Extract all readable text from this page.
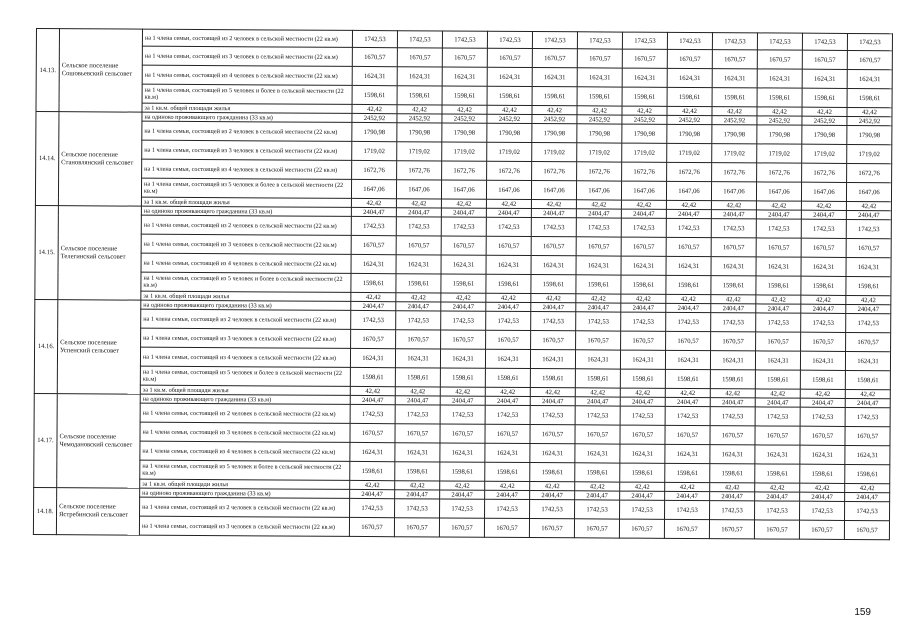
14.13.	Сельское поселение Сошовьевский сельсовет	на 1 члена семьи, состоящей из 2 человек в сельской местности (22 кв.м)	1742,53	1742,53	1742,53	1742,53	1742,53	1742,53	1742,53	1742,53	1742,53	1742,53	1742,53	1742,53
		на 1 члена семьи, состоящей из 3 человек в сельской местности (22 кв.м)	1670,57	1670,57	1670,57	1670,57	1670,57	1670,57	1670,57	1670,57	1670,57	1670,57	1670,57	1670,57
		на 1 члена семьи, состоящей из 4 человек в сельской местности (22 кв.м)	1624,31	1624,31	1624,31	1624,31	1624,31	1624,31	1624,31	1624,31	1624,31	1624,31	1624,31	1624,31
		на 1 члена семьи, состоящей из 5 человек и более в сельской местности (22 кв.м)	1598,61	1598,61	1598,61	1598,61	1598,61	1598,61	1598,61	1598,61	1598,61	1598,61	1598,61	1598,61
		за 1 кв.м. общей площади жилья	42,42	42,42	42,42	42,42	42,42	42,42	42,42	42,42	42,42	42,42	42,42	42,42
14.14.	Сельское поселение Становлянский сельсовет	на одиноко проживающего гражданина (33 кв.м)	2452,92	2452,92	2452,92	2452,92	2452,92	2452,92	2452,92	2452,92	2452,92	2452,92	2452,92	2452,92
		на 1 члена семьи, состоящей из 2 человек в сельской местности (22 кв.м)	1790,98	1790,98	1790,98	1790,98	1790,98	1790,98	1790,98	1790,98	1790,98	1790,98	1790,98	1790,98
		на 1 члена семьи, состоящей из 3 человек в сельской местности (22 кв.м)	1719,02	1719,02	1719,02	1719,02	1719,02	1719,02	1719,02	1719,02	1719,02	1719,02	1719,02	1719,02
		на 1 члена семьи, состоящей из 4 человек в сельской местности (22 кв.м)	1672,76	1672,76	1672,76	1672,76	1672,76	1672,76	1672,76	1672,76	1672,76	1672,76	1672,76	1672,76
		на 1 члена семьи, состоящей из 5 человек и более в сельской местности (22 кв.м)	1647,06	1647,06	1647,06	1647,06	1647,06	1647,06	1647,06	1647,06	1647,06	1647,06	1647,06	1647,06
		за 1 кв.м. общей площади жилья	42,42	42,42	42,42	42,42	42,42	42,42	42,42	42,42	42,42	42,42	42,42	42,42
14.15.	Сельское поселение Телегинский сельсовет	на одиноко проживающего гражданина (33 кв.м)	2404,47	2404,47	2404,47	2404,47	2404,47	2404,47	2404,47	2404,47	2404,47	2404,47	2404,47	2404,47
		на 1 члена семьи, состоящей из 2 человек в сельской местности (22 кв.м)	1742,53	1742,53	1742,53	1742,53	1742,53	1742,53	1742,53	1742,53	1742,53	1742,53	1742,53	1742,53
		на 1 члена семьи, состоящей из 3 человек в сельской местности (22 кв.м)	1670,57	1670,57	1670,57	1670,57	1670,57	1670,57	1670,57	1670,57	1670,57	1670,57	1670,57	1670,57
		на 1 члена семьи, состоящей из 4 человек в сельской местности (22 кв.м)	1624,31	1624,31	1624,31	1624,31	1624,31	1624,31	1624,31	1624,31	1624,31	1624,31	1624,31	1624,31
		на 1 члена семьи, состоящей из 5 человек и более в сельской местности (22 кв.м)	1598,61	1598,61	1598,61	1598,61	1598,61	1598,61	1598,61	1598,61	1598,61	1598,61	1598,61	1598,61
		за 1 кв.м. общей площади жилья	42,42	42,42	42,42	42,42	42,42	42,42	42,42	42,42	42,42	42,42	42,42	42,42
14.16.	Сельское поселение Успенский сельсовет	на одиноко проживающего гражданина (33 кв.м)	2404,47	2404,47	2404,47	2404,47	2404,47	2404,47	2404,47	2404,47	2404,47	2404,47	2404,47	2404,47
		на 1 члена семьи, состоящей из 2 человек в сельской местности (22 кв.м)	1742,53	1742,53	1742,53	1742,53	1742,53	1742,53	1742,53	1742,53	1742,53	1742,53	1742,53	1742,53
		на 1 члена семьи, состоящей из 3 человек в сельской местности (22 кв.м)	1670,57	1670,57	1670,57	1670,57	1670,57	1670,57	1670,57	1670,57	1670,57	1670,57	1670,57	1670,57
		на 1 члена семьи, состоящей из 4 человек в сельской местности (22 кв.м)	1624,31	1624,31	1624,31	1624,31	1624,31	1624,31	1624,31	1624,31	1624,31	1624,31	1624,31	1624,31
		на 1 члена семьи, состоящей из 5 человек и более в сельской местности (22 кв.м)	1598,61	1598,61	1598,61	1598,61	1598,61	1598,61	1598,61	1598,61	1598,61	1598,61	1598,61	1598,61
		за 1 кв.м. общей площади жилья	42,42	42,42	42,42	42,42	42,42	42,42	42,42	42,42	42,42	42,42	42,42	42,42
14.17.	Сельское поселение Чемодановский сельсовет	на одиноко проживающего гражданина (33 кв.м)	2404,47	2404,47	2404,47	2404,47	2404,47	2404,47	2404,47	2404,47	2404,47	2404,47	2404,47	2404,47
		на 1 члена семьи, состоящей из 2 человек в сельской местности (22 кв.м)	1742,53	1742,53	1742,53	1742,53	1742,53	1742,53	1742,53	1742,53	1742,53	1742,53	1742,53	1742,53
		на 1 члена семьи, состоящей из 3 человек в сельской местности (22 кв.м)	1670,57	1670,57	1670,57	1670,57	1670,57	1670,57	1670,57	1670,57	1670,57	1670,57	1670,57	1670,57
		на 1 члена семьи, состоящей из 4 человек в сельской местности (22 кв.м)	1624,31	1624,31	1624,31	1624,31	1624,31	1624,31	1624,31	1624,31	1624,31	1624,31	1624,31	1624,31
		на 1 члена семьи, состоящей из 5 человек и более в сельской местности (22 кв.м)	1598,61	1598,61	1598,61	1598,61	1598,61	1598,61	1598,61	1598,61	1598,61	1598,61	1598,61	1598,61
		за 1 кв.м. общей площади жилья	42,42	42,42	42,42	42,42	42,42	42,42	42,42	42,42	42,42	42,42	42,42	42,42
14.18.	Сельское поселение Ястребинский сельсовет	на одиноко проживающего гражданина (33 кв.м)	2404,47	2404,47	2404,47	2404,47	2404,47	2404,47	2404,47	2404,47	2404,47	2404,47	2404,47	2404,47
		на 1 члена семьи, состоящей из 2 человек в сельской местности (22 кв.м)	1742,53	1742,53	1742,53	1742,53	1742,53	1742,53	1742,53	1742,53	1742,53	1742,53	1742,53	1742,53
		на 1 члена семьи, состоящей из 3 человек в сельской местности (22 кв.м)	1670,57	1670,57	1670,57	1670,57	1670,57	1670,57	1670,57	1670,57	1670,57	1670,57	1670,57	1670,57
159
